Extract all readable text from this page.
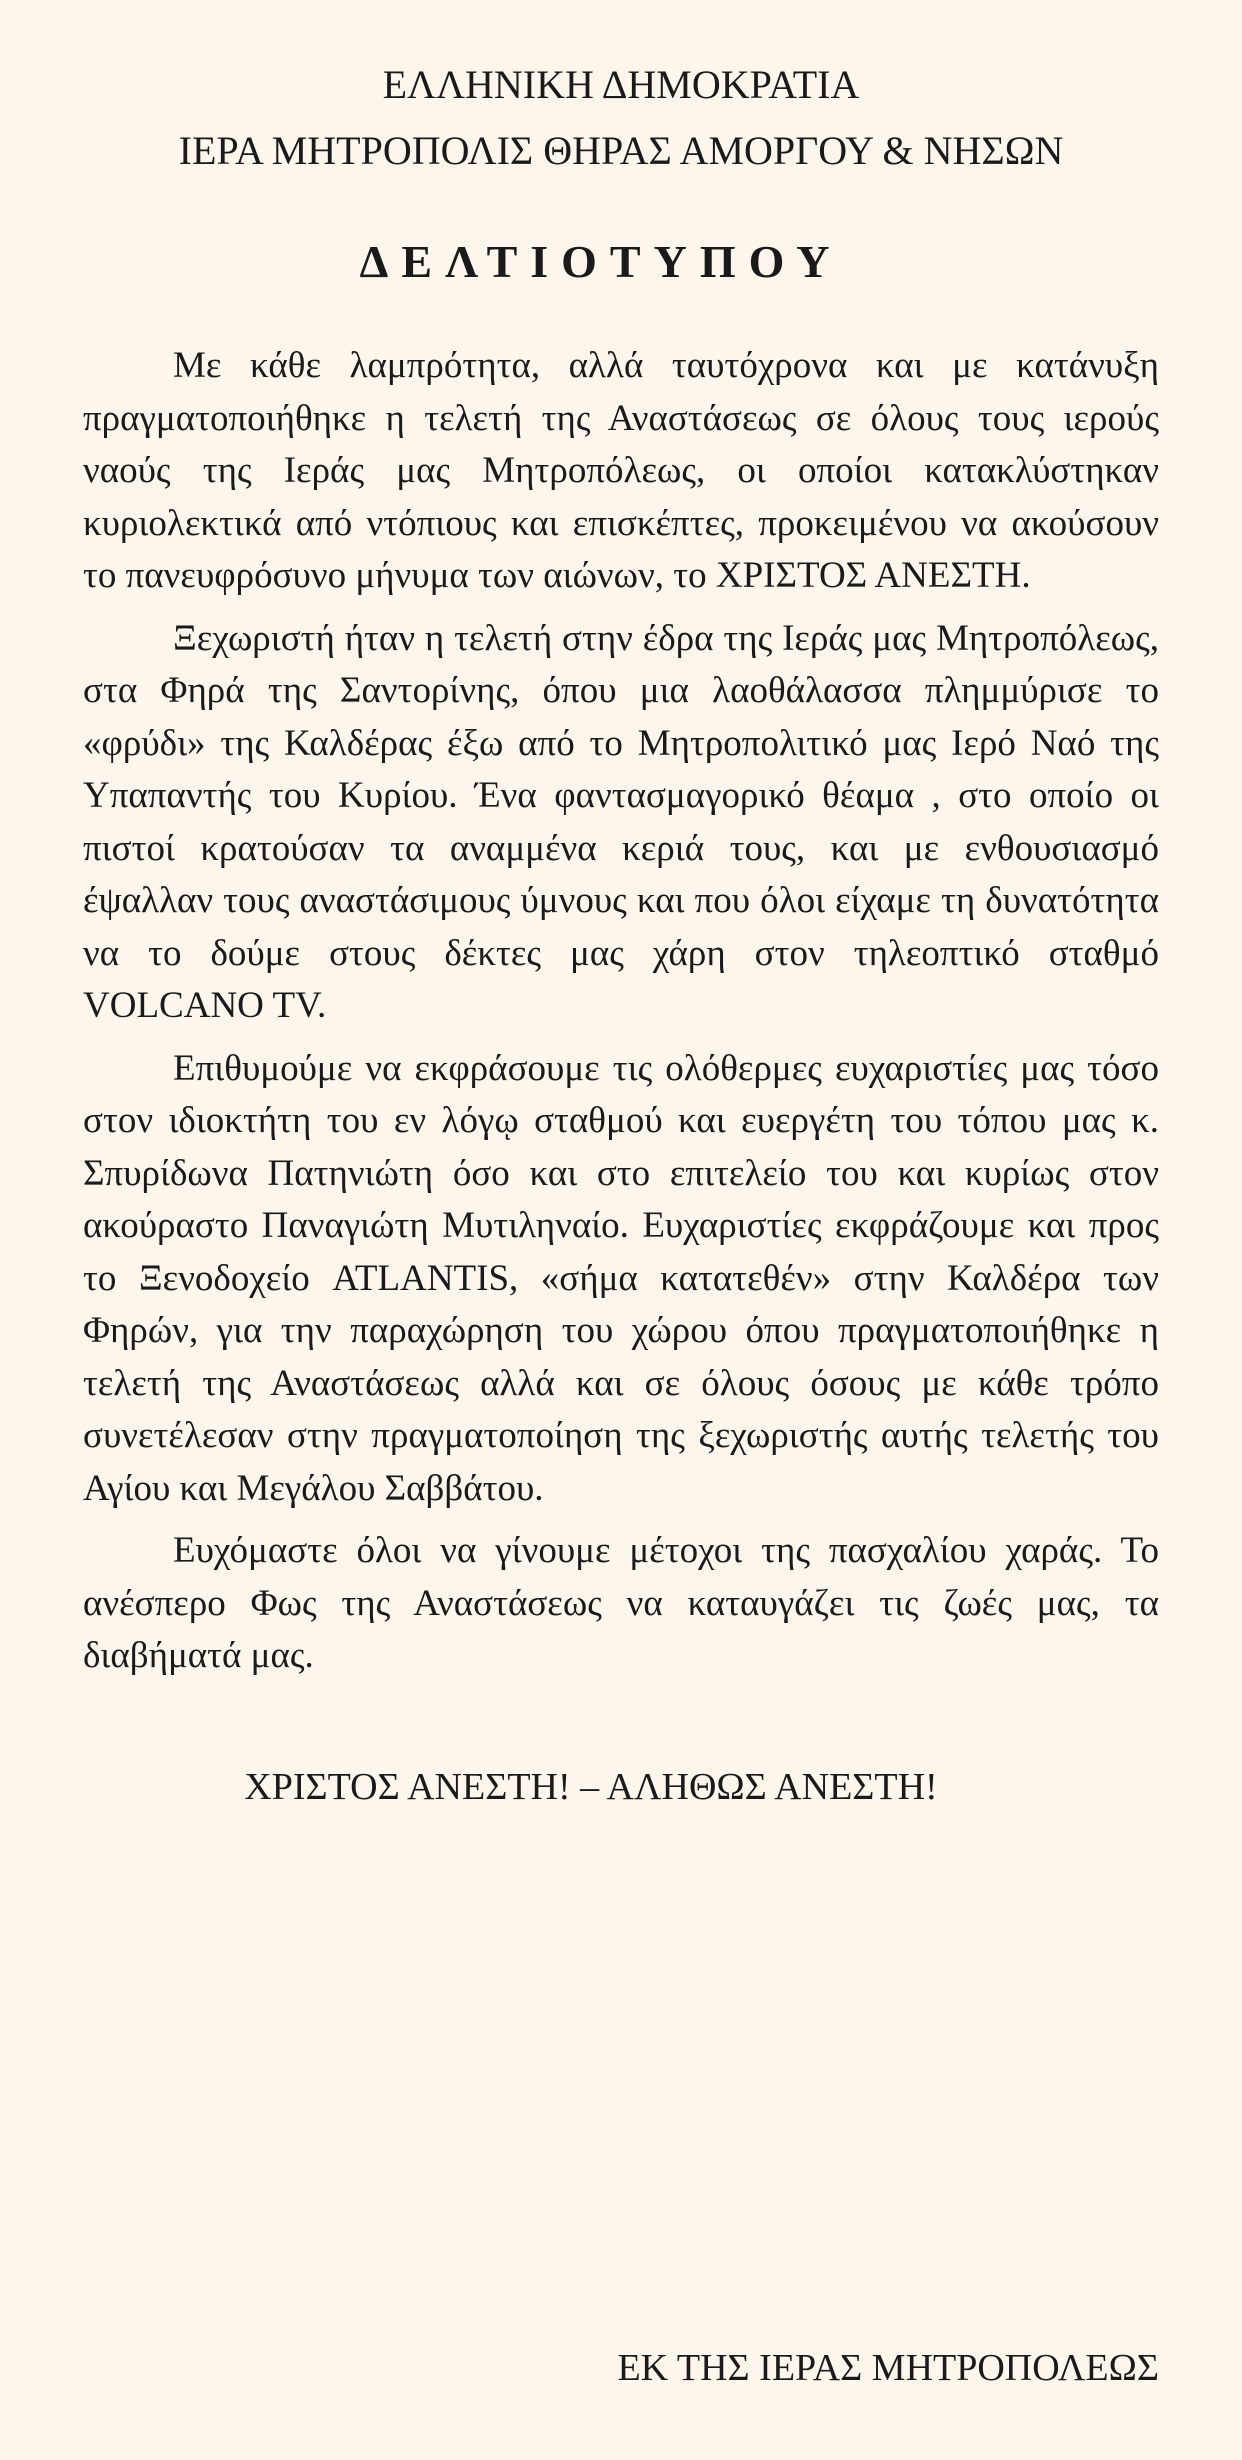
ΕΛΛΗΝΙΚΗ ΔΗΜΟΚΡΑΤΙΑ
ΙΕΡΑ ΜΗΤΡΟΠΟΛΙΣ ΘΗΡΑΣ ΑΜΟΡΓΟΥ & ΝΗΣΩΝ
ΔΕΛΤΙΟΤΥΠΟΥ

Με κάθε λαμπρότητα, αλλά ταυτόχρονα και με κατάνυξη πραγματοποιήθηκε η τελετή της Αναστάσεως σε όλους τους ιερούς ναούς της Ιεράς μας Μητροπόλεως, οι οποίοι κατακλύστηκαν κυριολεκτικά από ντόπιους και επισκέπτες, προκειμένου να ακούσουν το πανευφρόσυνο μήνυμα των αιώνων, το ΧΡΙΣΤΟΣ ΑΝΕΣΤΗ.

Ξεχωριστή ήταν η τελετή στην έδρα της Ιεράς μας Μητροπόλεως, στα Φηρά της Σαντορίνης, όπου μια λαοθάλασσα πλημμύρισε το «φρύδι» της Καλδέρας έξω από το Μητροπολιτικό μας Ιερό Ναό της Υπαπαντής του Κυρίου. Ένα φαντασμαγορικό θέαμα , στο οποίο οι πιστοί κρατούσαν τα αναμμένα κεριά τους, και με ενθουσιασμό έψαλλαν τους αναστάσιμους ύμνους και που όλοι είχαμε τη δυνατότητα να το δούμε στους δέκτες μας χάρη στον τηλεοπτικό σταθμό VOLCANO TV.

Επιθυμούμε να εκφράσουμε τις ολόθερμες ευχαριστίες μας τόσο στον ιδιοκτήτη του εν λόγῳ σταθμού και ευεργέτη του τόπου μας κ. Σπυρίδωνα Πατηνιώτη όσο και στο επιτελείο του και κυρίως στον ακούραστο Παναγιώτη Μυτιληναίο. Ευχαριστίες εκφράζουμε και προς το Ξενοδοχείο ATLANTIS, «σήμα κατατεθέν» στην Καλδέρα των Φηρών, για την παραχώρηση του χώρου όπου πραγματοποιήθηκε η τελετή της Αναστάσεως αλλά και σε όλους όσους με κάθε τρόπο συνετέλεσαν στην πραγματοποίηση της ξεχωριστής αυτής τελετής του Αγίου και Μεγάλου Σαββάτου.

Ευχόμαστε όλοι να γίνουμε μέτοχοι της πασχαλίου χαράς. Το ανέσπερο Φως της Αναστάσεως να καταυγάζει τις ζωές μας, τα διαβήματά μας.

ΧΡΙΣΤΟΣ ΑΝΕΣΤΗ! – ΑΛΗΘΩΣ ΑΝΕΣΤΗ!

ΕΚ ΤΗΣ ΙΕΡΑΣ ΜΗΤΡΟΠΟΛΕΩΣ
